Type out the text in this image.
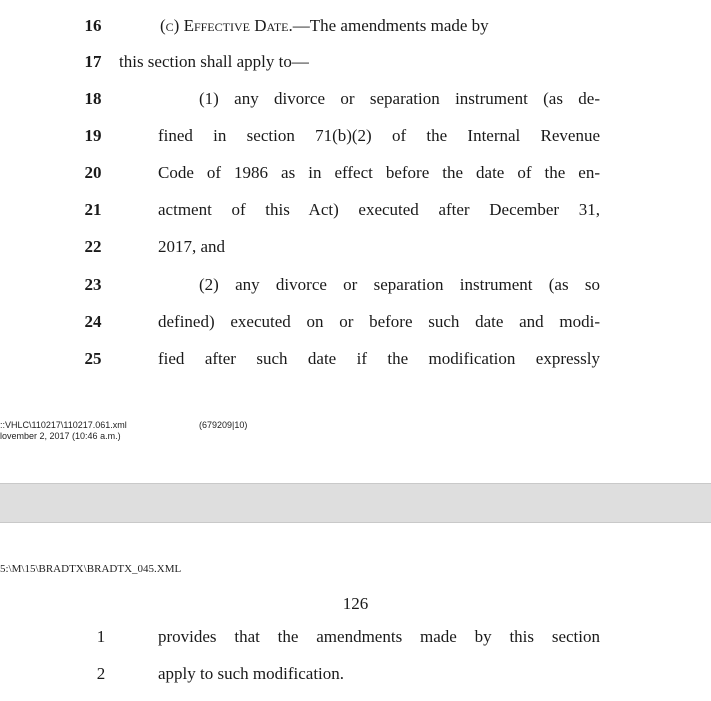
16	(c) Effective Date.—The amendments made by
17	this section shall apply to—
18	(1) any divorce or separation instrument (as de-
19	fined in section 71(b)(2) of the Internal Revenue
20	Code of 1986 as in effect before the date of the en-
21	actment of this Act) executed after December 31,
22	2017, and
23	(2) any divorce or separation instrument (as so
24	defined) executed on or before such date and modi-
25	fied after such date if the modification expressly
::VHLC\110217\110217.061.xml
lovember 2, 2017 (10:46 a.m.)
(679209|10)
5:\M\15\BRADTX\BRADTX_045.XML
126
1	provides that the amendments made by this section
2	apply to such modification.
